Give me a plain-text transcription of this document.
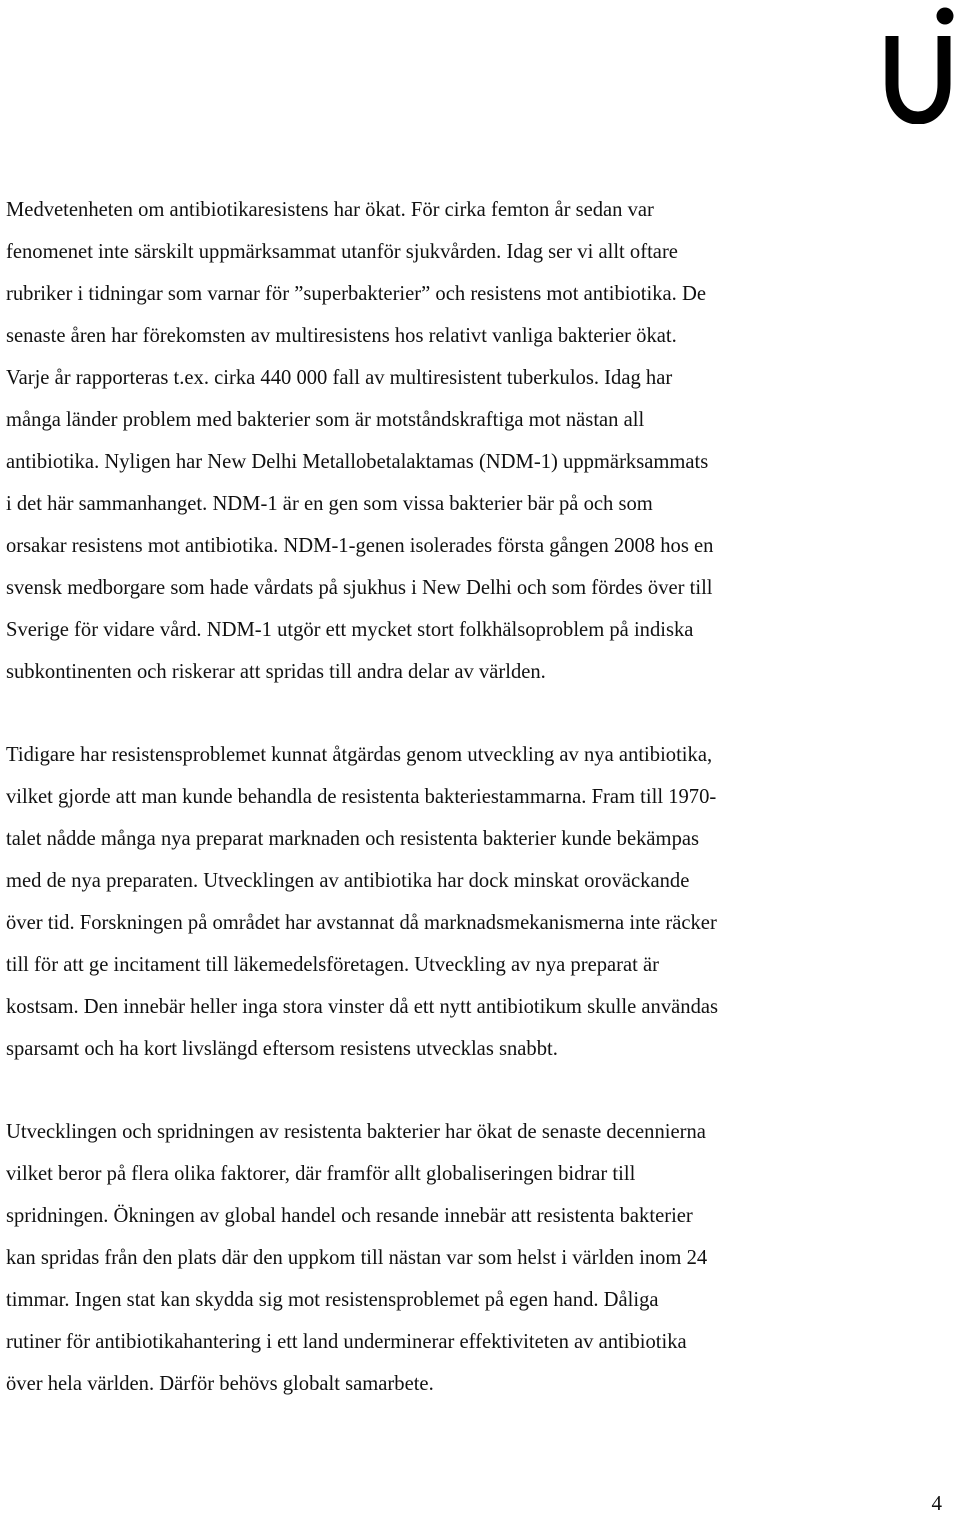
Medvetenheten om antibiotikaresistens har ökat. För cirka femton år sedan var
fenomenet inte särskilt uppmärksammat utanför sjukvården. Idag ser vi allt oftare
rubriker i tidningar som varnar för ”superbakterier” och resistens mot antibiotika. De
senaste åren har förekomsten av multiresistens hos relativt vanliga bakterier ökat.
Varje år rapporteras t.ex. cirka 440 000 fall av multiresistent tuberkulos. Idag har
många länder problem med bakterier som är motståndskraftiga mot nästan all
antibiotika. Nyligen har New Delhi Metallobetalaktamas (NDM-1) uppmärksammats
i det här sammanhanget. NDM-1 är en gen som vissa bakterier bär på och som
orsakar resistens mot antibiotika. NDM-1-genen isolerades första gången 2008 hos en
svensk medborgare som hade vårdats på sjukhus i New Delhi och som fördes över till
Sverige för vidare vård. NDM-1 utgör ett mycket stort folkhälsoproblem på indiska
subkontinenten och riskerar att spridas till andra delar av världen.

Tidigare har resistensproblemet kunnat åtgärdas genom utveckling av nya antibiotika,
vilket gjorde att man kunde behandla de resistenta bakteriestammarna. Fram till 1970-
talet nådde många nya preparat marknaden och resistenta bakterier kunde bekämpas
med de nya preparaten. Utvecklingen av antibiotika har dock minskat oroväckande
över tid. Forskningen på området har avstannat då marknadsmekanismerna inte räcker
till för att ge incitament till läkemedelsföretagen. Utveckling av nya preparat är
kostsam. Den innebär heller inga stora vinster då ett nytt antibiotikum skulle användas
sparsamt och ha kort livslängd eftersom resistens utvecklas snabbt.

Utvecklingen och spridningen av resistenta bakterier har ökat de senaste decennierna
vilket beror på flera olika faktorer, där framför allt globaliseringen bidrar till
spridningen. Ökningen av global handel och resande innebär att resistenta bakterier
kan spridas från den plats där den uppkom till nästan var som helst i världen inom 24
timmar. Ingen stat kan skydda sig mot resistensproblemet på egen hand. Dåliga
rutiner för antibiotikahantering i ett land underminerar effektiviteten av antibiotika
över hela världen. Därför behövs globalt samarbete.

4
